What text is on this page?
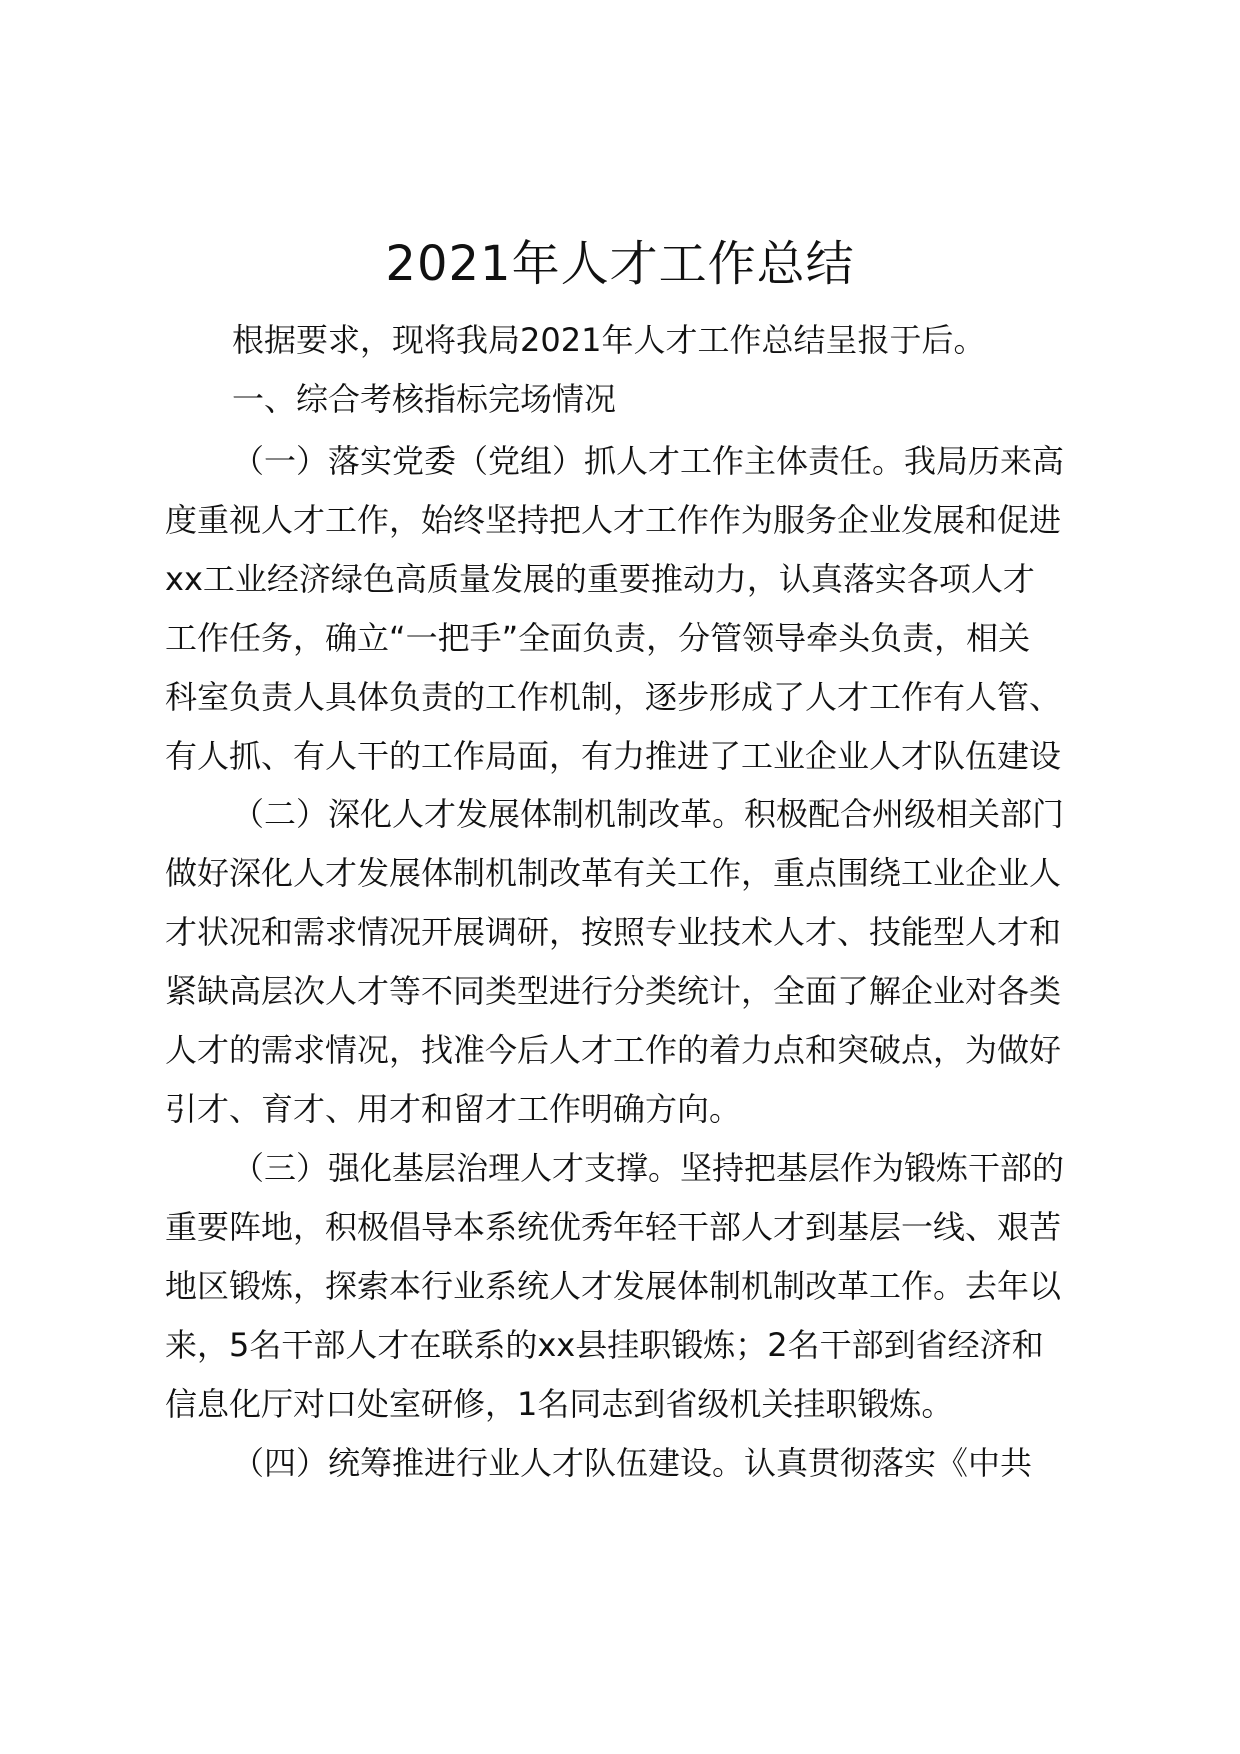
2021年人才工作总结
根据要求，现将我局2021年人才工作总结呈报于后。
一、综合考核指标完场情况
（一）落实党委（党组）抓人才工作主体责任。我局历来高
度重视人才工作，始终坚持把人才工作作为服务企业发展和促进
xx工业经济绿色高质量发展的重要推动力，认真落实各项人才
工作任务，确立“一把手”全面负责，分管领导牵头负责，相关
科室负责人具体负责的工作机制，逐步形成了人才工作有人管、
有人抓、有人干的工作局面，有力推进了工业企业人才队伍建设
（二）深化人才发展体制机制改革。积极配合州级相关部门
做好深化人才发展体制机制改革有关工作，重点围绕工业企业人
才状况和需求情况开展调研，按照专业技术人才、技能型人才和
紧缺高层次人才等不同类型进行分类统计，全面了解企业对各类
人才的需求情况，找准今后人才工作的着力点和突破点，为做好
引才、育才、用才和留才工作明确方向。
（三）强化基层治理人才支撑。坚持把基层作为锻炼干部的
重要阵地，积极倡导本系统优秀年轻干部人才到基层一线、艰苦
地区锻炼，探索本行业系统人才发展体制机制改革工作。去年以
来，5名干部人才在联系的xx县挂职锻炼；2名干部到省经济和
信息化厅对口处室研修，1名同志到省级机关挂职锻炼。
（四）统筹推进行业人才队伍建设。认真贯彻落实《中共
